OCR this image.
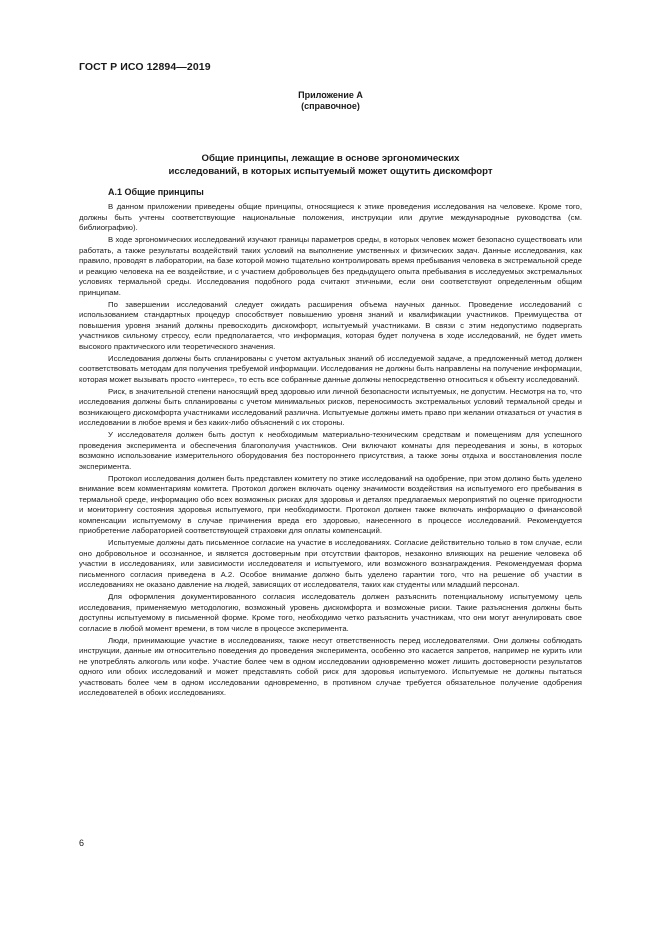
ГОСТ Р ИСО 12894—2019
Приложение А
(справочное)
Общие принципы, лежащие в основе эргономических
исследований, в которых испытуемый может ощутить дискомфорт
А.1 Общие принципы

В данном приложении приведены общие принципы, относящиеся к этике проведения исследования на человеке. Кроме того, должны быть учтены соответствующие национальные положения, инструкции или другие международные руководства (см. библиографию).

В ходе эргономических исследований изучают границы параметров среды, в которых человек может безопасно существовать или работать, а также результаты воздействий таких условий на выполнение умственных и физических задач. Данные исследования, как правило, проводят в лаборатории, на базе которой можно тщательно контролировать время пребывания человека в экстремальной среде и реакцию человека на ее воздействие, и с участием добровольцев без предыдущего опыта пребывания в исследуемых экстремальных условиях термальной среды. Исследования подобного рода считают этичными, если они соответствуют определенным общим принципам.

По завершении исследований следует ожидать расширения объема научных данных. Проведение исследований с использованием стандартных процедур способствует повышению уровня знаний и квалификации участников. Преимущества от повышения уровня знаний должны превосходить дискомфорт, испытуемый участниками. В связи с этим недопустимо подвергать участников сильному стрессу, если предполагается, что информация, которая будет получена в ходе исследований, не будет иметь высокого практического или теоретического значения.

Исследования должны быть спланированы с учетом актуальных знаний об исследуемой задаче, а предложенный метод должен соответствовать методам для получения требуемой информации. Исследования не должны быть направлены на получение информации, которая может вызывать просто «интерес», то есть все собранные данные должны непосредственно относиться к объекту исследований.

Риск, в значительной степени наносящий вред здоровью или личной безопасности испытуемых, не допустим. Несмотря на то, что исследования должны быть спланированы с учетом минимальных рисков, переносимость экстремальных условий термальной среды и возникающего дискомфорта участниками исследований различна. Испытуемые должны иметь право при желании отказаться от участия в исследовании в любое время и без каких-либо объяснений с их стороны.

У исследователя должен быть доступ к необходимым материально-техническим средствам и помещениям для успешного проведения эксперимента и обеспечения благополучия участников. Они включают комнаты для переодевания и зоны, в которых возможно использование измерительного оборудования без постороннего присутствия, а также зоны отдыха и восстановления после эксперимента.

Протокол исследования должен быть представлен комитету по этике исследований на одобрение, при этом должно быть уделено внимание всем комментариям комитета. Протокол должен включать оценку значимости воздействия на испытуемого его пребывания в термальной среде, информацию обо всех возможных рисках для здоровья и деталях предлагаемых мероприятий по оценке пригодности и мониторингу состояния здоровья испытуемого, при необходимости. Протокол должен также включать информацию о финансовой компенсации испытуемому в случае причинения вреда его здоровью, нанесенного в процессе исследований. Рекомендуется приобретение лабораторией соответствующей страховки для оплаты компенсаций.

Испытуемые должны дать письменное согласие на участие в исследованиях. Согласие действительно только в том случае, если оно добровольное и осознанное, и является достоверным при отсутствии факторов, незаконно влияющих на решение человека об участии в исследованиях, или зависимости исследователя и испытуемого, или возможного вознаграждения. Рекомендуемая форма письменного согласия приведена в А.2. Особое внимание должно быть уделено гарантии того, что на решение об участии в исследованиях не оказано давление на людей, зависящих от исследователя, таких как студенты или младший персонал.

Для оформления документированного согласия исследователь должен разъяснить потенциальному испытуемому цель исследования, применяемую методологию, возможный уровень дискомфорта и возможные риски. Такие разъяснения должны быть доступны испытуемому в письменной форме. Кроме того, необходимо четко разъяснить участникам, что они могут аннулировать свое согласие в любой момент времени, в том числе в процессе эксперимента.

Люди, принимающие участие в исследованиях, также несут ответственность перед исследователями. Они должны соблюдать инструкции, данные им относительно поведения до проведения эксперимента, особенно это касается запретов, например не курить или не употреблять алкоголь или кофе. Участие более чем в одном исследовании одновременно может лишить достоверности результатов одного или обоих исследований и может представлять собой риск для здоровья испытуемого. Испытуемые не должны пытаться участвовать более чем в одном исследовании одновременно, в противном случае требуется обязательное получение одобрения исследователей в обоих исследованиях.

6
